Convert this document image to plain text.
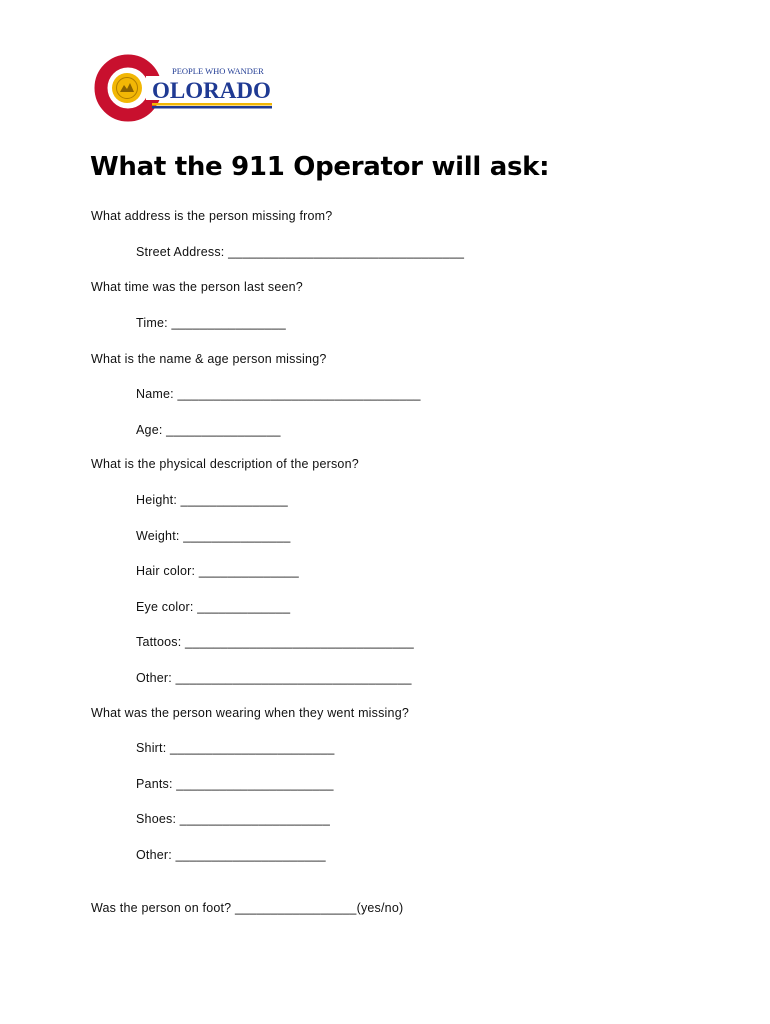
PEOPLE WHO WANDER
OLORADO
What the 911 Operator will ask:
What address is the person missing from?
Street Address: _________________________________
What time was the person last seen?
Time: ________________
What is the name & age person missing?
Name: __________________________________
Age: ________________
What is the physical description of the person?
Height: _______________
Weight: _______________
Hair color: ______________
Eye color: _____________
Tattoos: ________________________________
Other: _________________________________
What was the person wearing when they went missing?
Shirt: _______________________
Pants: ______________________
Shoes: _____________________
Other: _____________________
Was the person on foot? _________________(yes/no)
